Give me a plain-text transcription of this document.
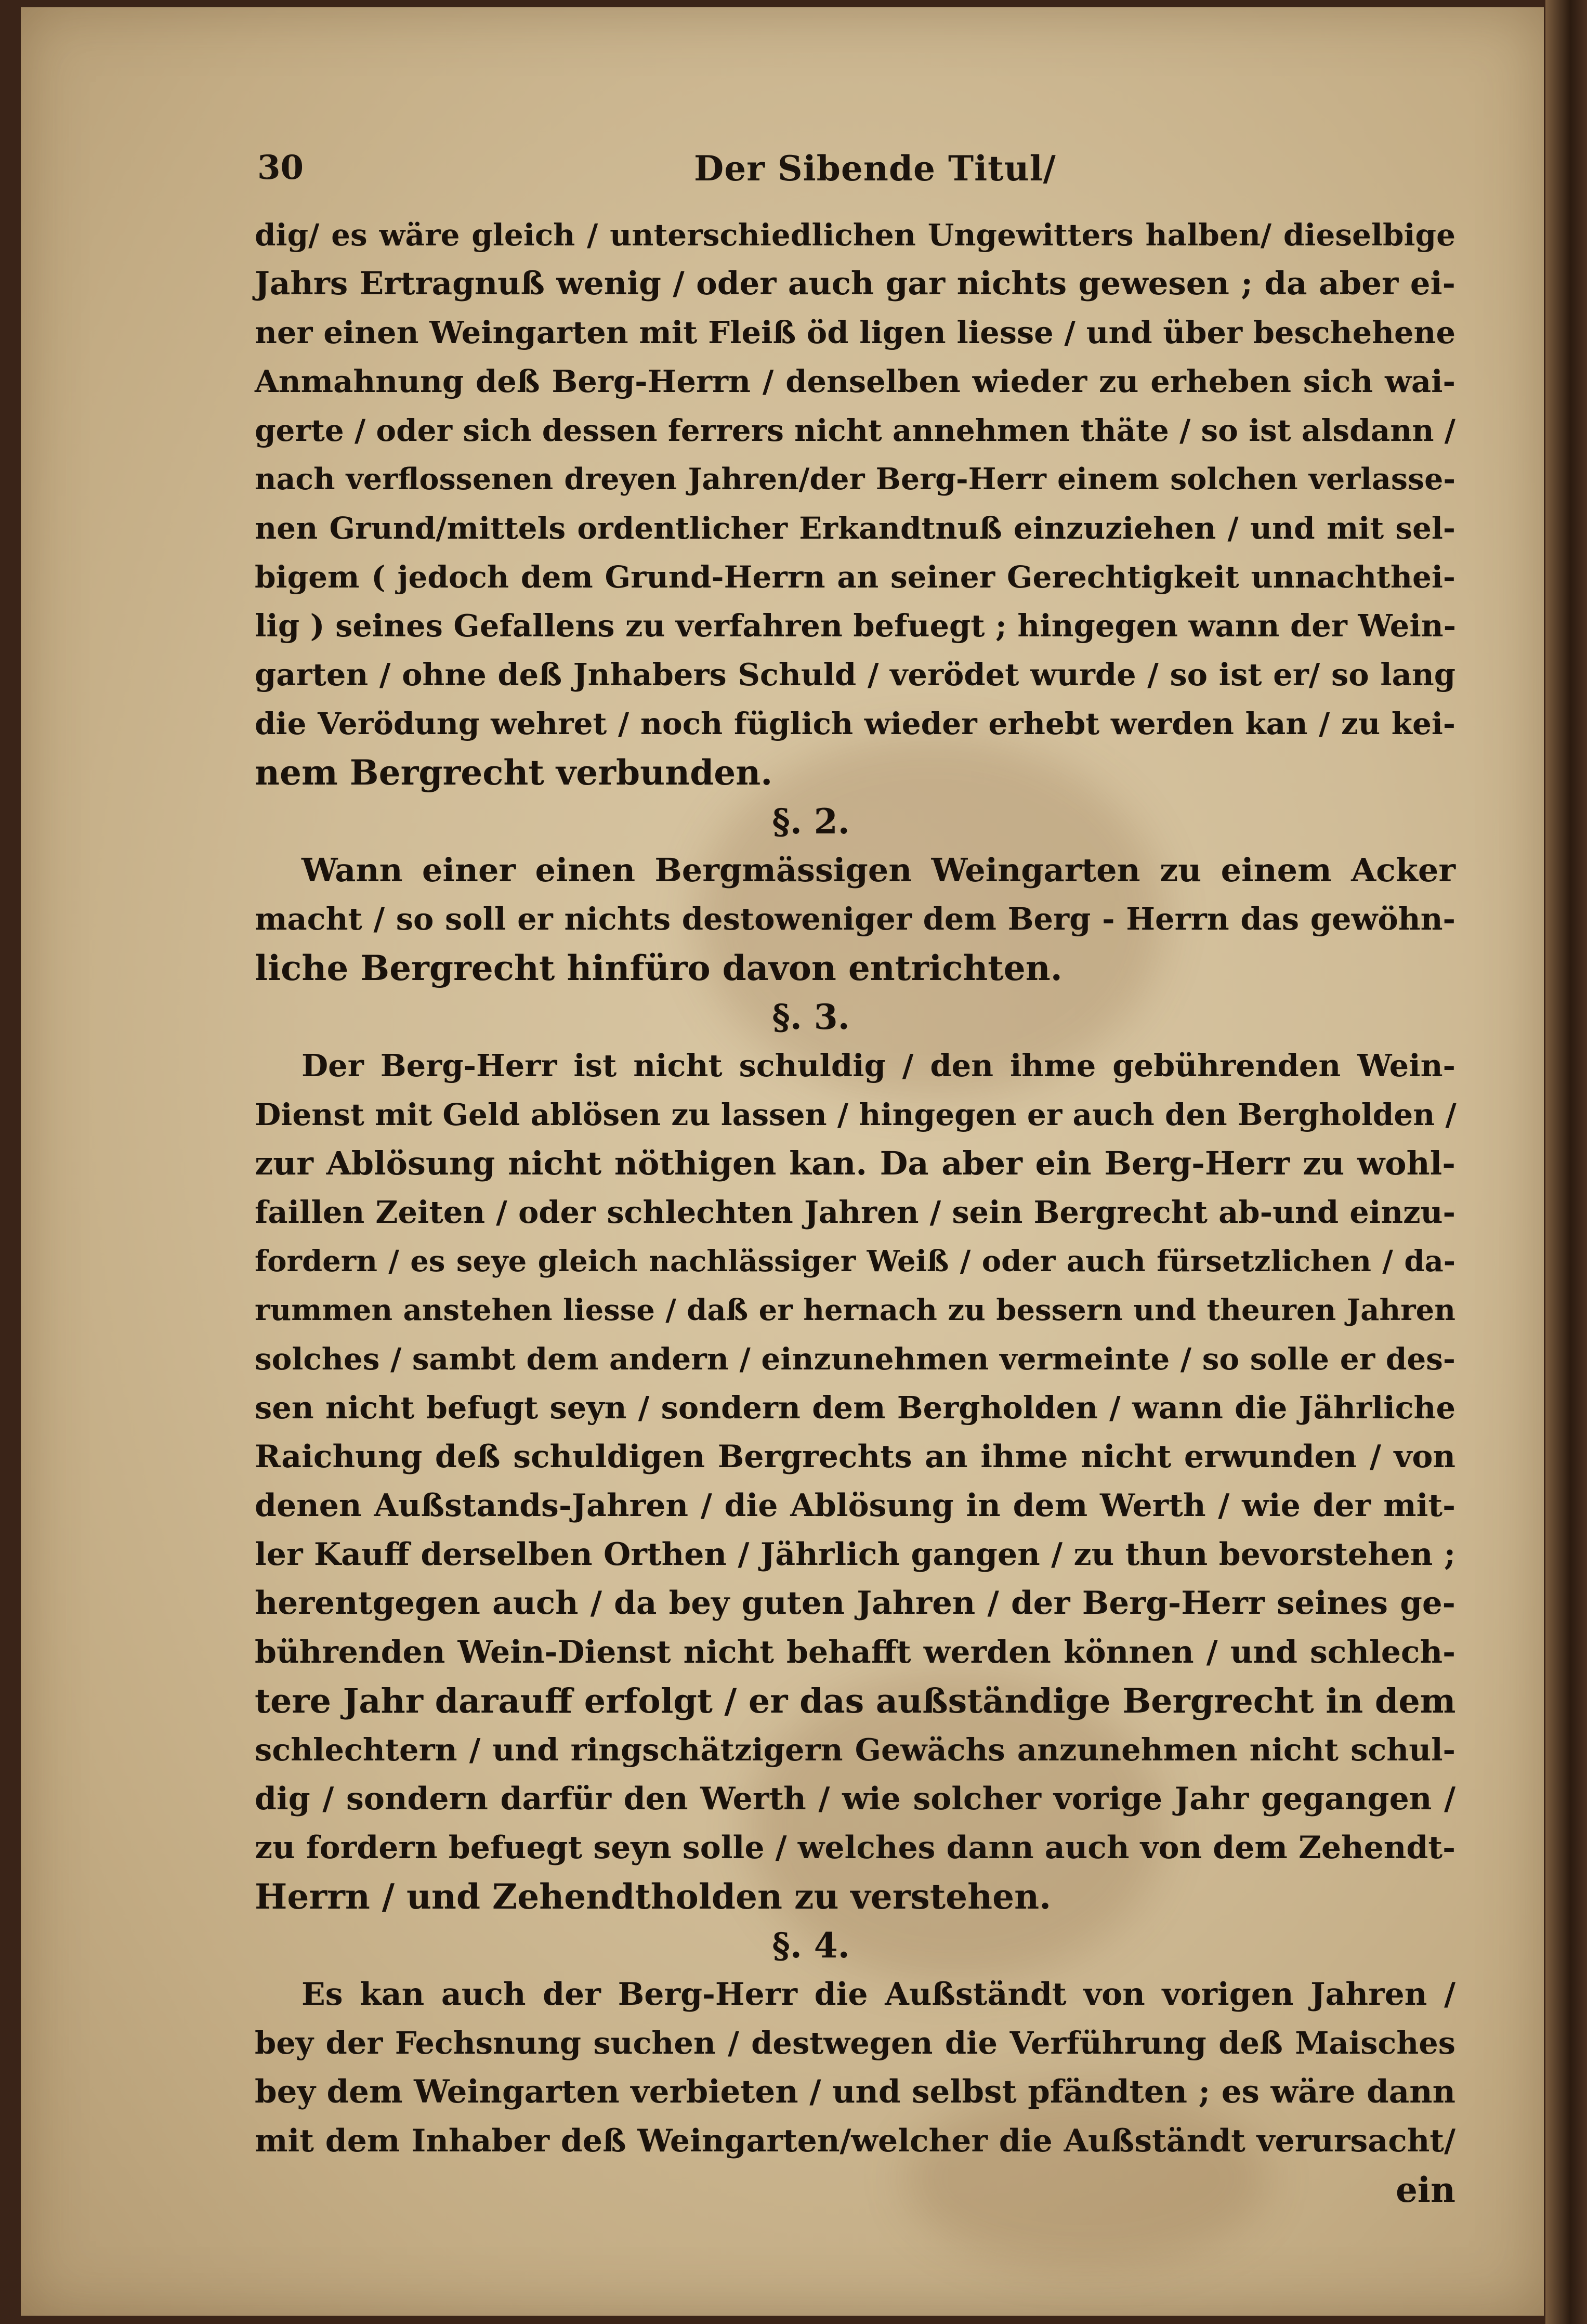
30	Der Sibende Titul/
dig/ es wäre gleich / unterschiedlichen Ungewitters halben/ dieselbige
Jahrs Ertragnuß wenig / oder auch gar nichts gewesen ; da aber ei-
ner einen Weingarten mit Fleiß öd ligen liesse / und über beschehene
Anmahnung deß Berg-Herrn / denselben wieder zu erheben sich wai-
gerte / oder sich dessen ferrers nicht annehmen thäte / so ist alsdann /
nach verflossenen dreyen Jahren/der Berg-Herr einem solchen verlasse-
nen Grund/mittels ordentlicher Erkandtnuß einzuziehen / und mit sel-
bigem ( jedoch dem Grund-Herrn an seiner Gerechtigkeit unnachthei-
lig ) seines Gefallens zu verfahren befuegt ; hingegen wann der Wein-
garten / ohne deß Jnhabers Schuld / verödet wurde / so ist er/ so lang
die Verödung wehret / noch füglich wieder erhebt werden kan / zu kei-
nem Bergrecht verbunden.
§. 2.
Wann einer einen Bergmässigen Weingarten zu einem Acker
macht / so soll er nichts destoweniger dem Berg - Herrn das gewöhn-
liche Bergrecht hinfüro davon entrichten.
§. 3.
Der Berg-Herr ist nicht schuldig / den ihme gebührenden Wein-
Dienst mit Geld ablösen zu lassen / hingegen er auch den Bergholden /
zur Ablösung nicht nöthigen kan. Da aber ein Berg-Herr zu wohl-
faillen Zeiten / oder schlechten Jahren / sein Bergrecht ab-und einzu-
fordern / es seye gleich nachlässiger Weiß / oder auch fürsetzlichen / da-
rummen anstehen liesse / daß er hernach zu bessern und theuren Jahren
solches / sambt dem andern / einzunehmen vermeinte / so solle er des-
sen nicht befugt seyn / sondern dem Bergholden / wann die Jährliche
Raichung deß schuldigen Bergrechts an ihme nicht erwunden / von
denen Außstands-Jahren / die Ablösung in dem Werth / wie der mit-
ler Kauff derselben Orthen / Jährlich gangen / zu thun bevorstehen ;
herentgegen auch / da bey guten Jahren / der Berg-Herr seines ge-
bührenden Wein-Dienst nicht behafft werden können / und schlech-
tere Jahr darauff erfolgt / er das außständige Bergrecht in dem
schlechtern / und ringschätzigern Gewächs anzunehmen nicht schul-
dig / sondern darfür den Werth / wie solcher vorige Jahr gegangen /
zu fordern befuegt seyn solle / welches dann auch von dem Zehendt-
Herrn / und Zehendtholden zu verstehen.
§. 4.
Es kan auch der Berg-Herr die Außständt von vorigen Jahren /
bey der Fechsnung suchen / destwegen die Verführung deß Maisches
bey dem Weingarten verbieten / und selbst pfändten ; es wäre dann
mit dem Inhaber deß Weingarten/welcher die Außständt verursacht/
ein
